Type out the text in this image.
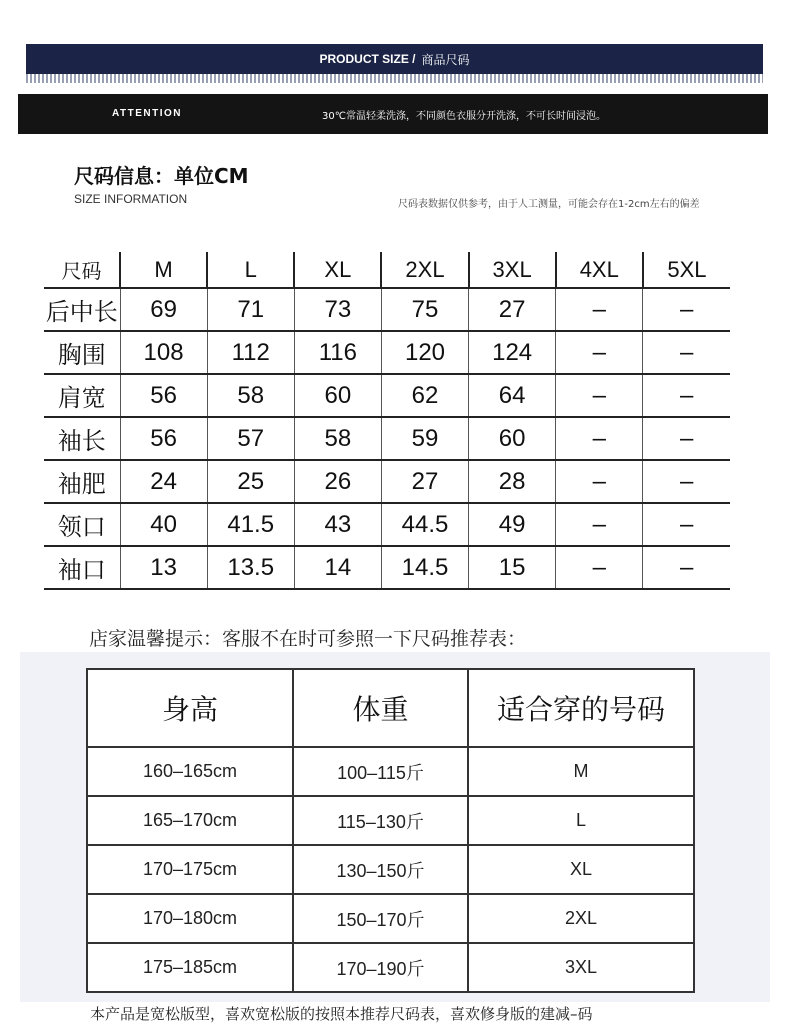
PRODUCT SIZE / 商品尺码
ATTENTION	30℃常温轻柔洗涤，不同颜色衣服分开洗涤，不可长时间浸泡。
尺码信息：单位CM
SIZE INFORMATION	尺码表数据仅供参考，由于人工测量，可能会存在1-2cm左右的偏差
尺码	M	L	XL	2XL	3XL	4XL	5XL
后中长	69	71	73	75	27	–	–
胸围	108	112	116	120	124	–	–
肩宽	56	58	60	62	64	–	–
袖长	56	57	58	59	60	–	–
袖肥	24	25	26	27	28	–	–
领口	40	41.5	43	44.5	49	–	–
袖口	13	13.5	14	14.5	15	–	–
店家温馨提示：客服不在时可参照一下尺码推荐表：
身高	体重	适合穿的号码
160–165cm	100–115斤	M
165–170cm	115–130斤	L
170–175cm	130–150斤	XL
170–180cm	150–170斤	2XL
175–185cm	170–190斤	3XL
本产品是宽松版型，喜欢宽松版的按照本推荐尺码表，喜欢修身版的建减–码
